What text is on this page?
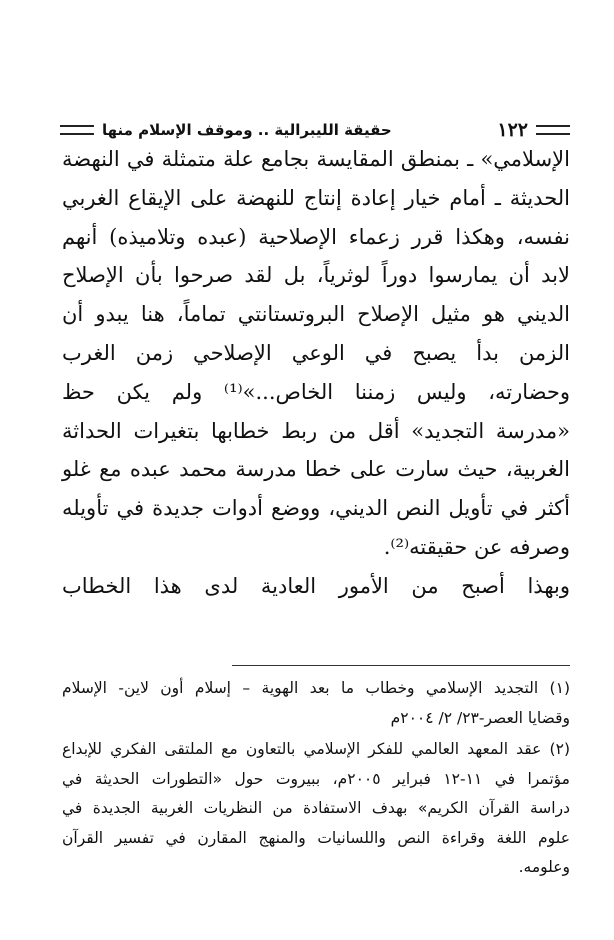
١٢٢
حقيقة الليبرالية .. وموقف الإسلام منها
الإسلامي» ـ بمنطق المقايسة بجامع علة متمثلة في النهضة
الحديثة ـ أمام خيار إعادة إنتاج للنهضة على الإيقاع الغربي
نفسه، وهكذا قرر زعماء الإصلاحية (عبده وتلاميذه) أنهم
لابد أن يمارسوا دوراً لوثرياً، بل لقد صرحوا بأن الإصلاح
الديني هو مثيل الإصلاح البروتستانتي تماماً، هنا يبدو أن
الزمن بدأ يصبح في الوعي الإصلاحي زمن الغرب
وحضارته، وليس زمننا الخاص...»⁽¹⁾ ولم يكن حظ
«مدرسة التجديد» أقل من ربط خطابها بتغيرات الحداثة
الغربية، حيث سارت على خطا مدرسة محمد عبده مع غلو
أكثر في تأويل النص الديني، ووضع أدوات جديدة في تأويله
وصرفه عن حقيقته⁽²⁾.
وبهذا أصبح من الأمور العادية لدى هذا الخطاب
(١) التجديد الإسلامي وخطاب ما بعد الهوية – إسلام أون لاين- الإسلام
وقضايا العصر-٢٣/ ٢/ ٢٠٠٤م
(٢) عقد المعهد العالمي للفكر الإسلامي بالتعاون مع الملتقى الفكري للإبداع
مؤتمرا في ١١-١٢ فبراير ٢٠٠٥م، ببيروت حول «التطورات الحديثة في
دراسة القرآن الكريم» بهدف الاستفادة من النظريات الغربية الجديدة في
علوم اللغة وقراءة النص واللسانيات والمنهج المقارن في تفسير القرآن
وعلومه.
